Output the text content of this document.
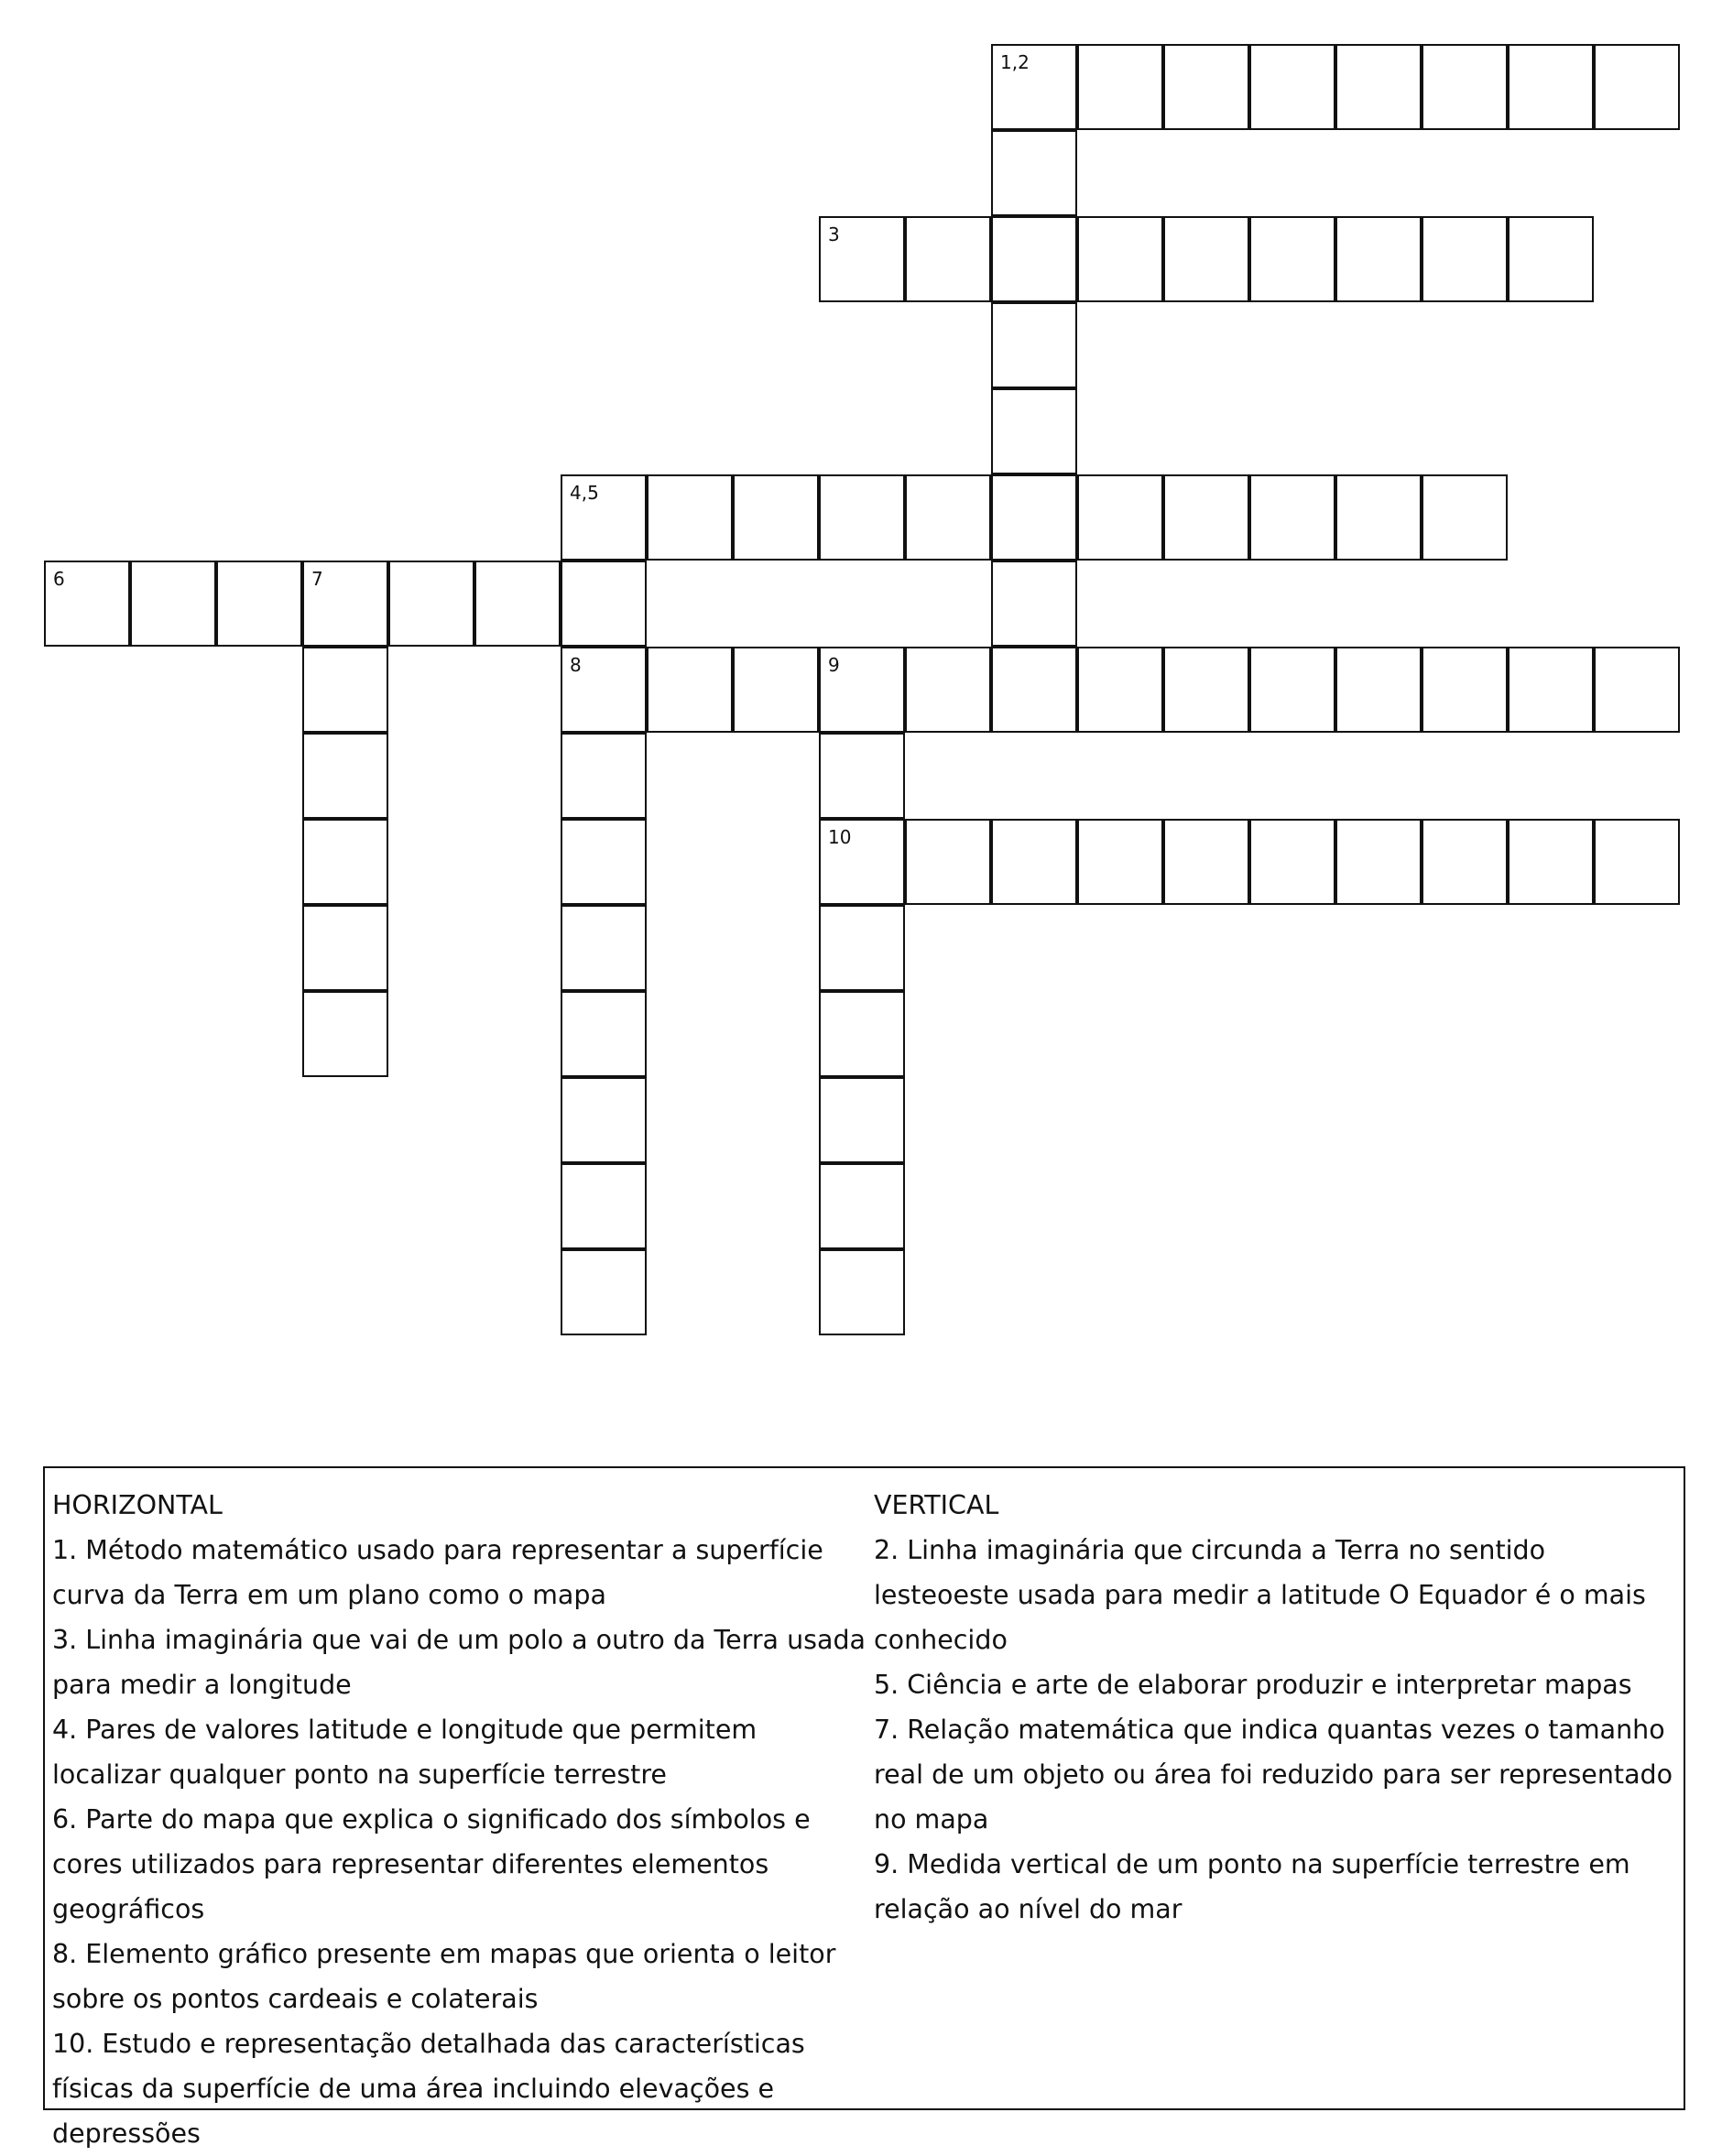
1,2
3
4,5
6	7
8	9
10
HORIZONTAL
1. Método matemático usado para representar a superfície curva da Terra em um plano como o mapa
3. Linha imaginária que vai de um polo a outro da Terra usada para medir a longitude
4. Pares de valores latitude e longitude que permitem localizar qualquer ponto na superfície terrestre
6. Parte do mapa que explica o significado dos símbolos e cores utilizados para representar diferentes elementos geográficos
8. Elemento gráfico presente em mapas que orienta o leitor sobre os pontos cardeais e colaterais
10. Estudo e representação detalhada das características físicas da superfície de uma área incluindo elevações e depressões
VERTICAL
2. Linha imaginária que circunda a Terra no sentido lesteoeste usada para medir a latitude O Equador é o mais conhecido
5. Ciência e arte de elaborar produzir e interpretar mapas
7. Relação matemática que indica quantas vezes o tamanho real de um objeto ou área foi reduzido para ser representado no mapa
9. Medida vertical de um ponto na superfície terrestre em relação ao nível do mar
